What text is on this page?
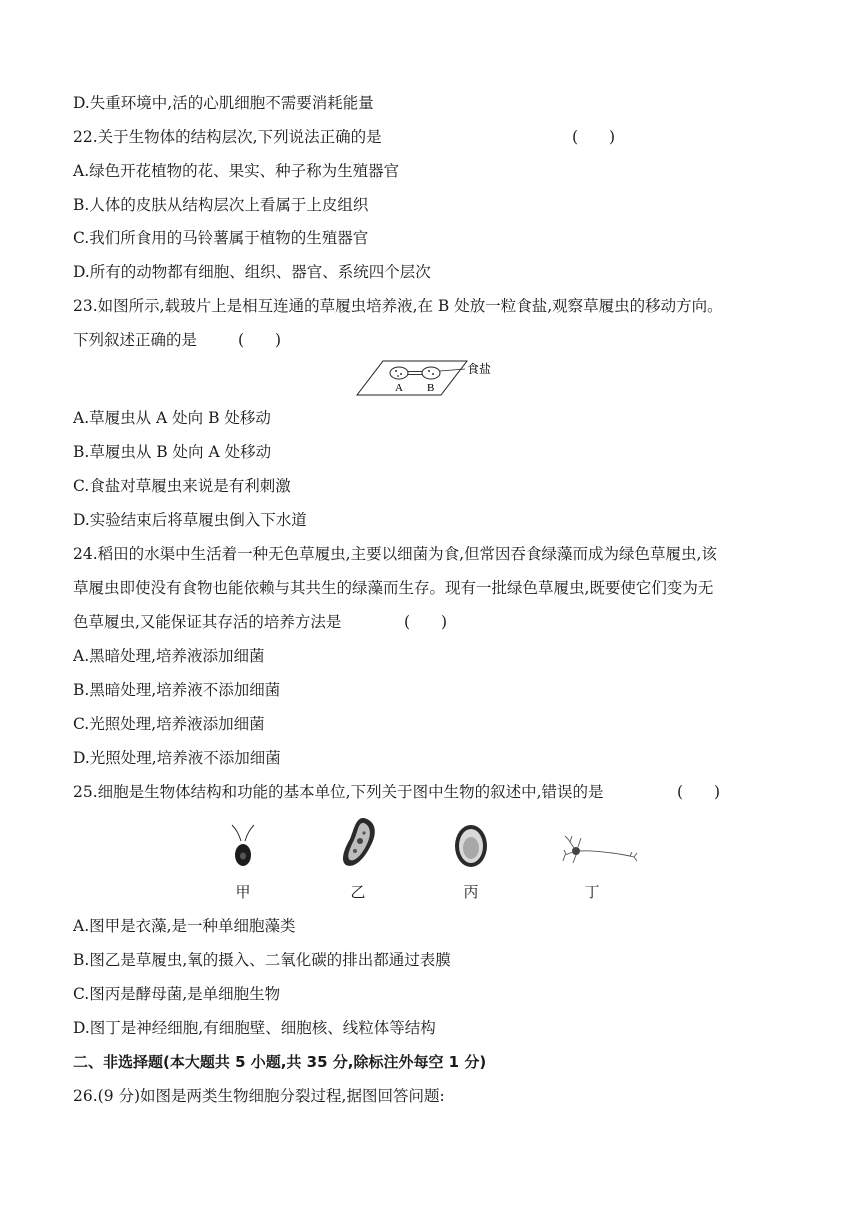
D.失重环境中,活的心肌细胞不需要消耗能量
22.关于生物体的结构层次,下列说法正确的是	(　　)
A.绿色开花植物的花、果实、种子称为生殖器官
B.人体的皮肤从结构层次上看属于上皮组织
C.我们所食用的马铃薯属于植物的生殖器官
D.所有的动物都有细胞、组织、器官、系统四个层次
23.如图所示,载玻片上是相互连通的草履虫培养液,在 B 处放一粒食盐,观察草履虫的移动方向。
下列叙述正确的是	(　　)
A B
食盐
A.草履虫从 A 处向 B 处移动
B.草履虫从 B 处向 A 处移动
C.食盐对草履虫来说是有利刺激
D.实验结束后将草履虫倒入下水道
24.稻田的水渠中生活着一种无色草履虫,主要以细菌为食,但常因吞食绿藻而成为绿色草履虫,该
草履虫即使没有食物也能依赖与其共生的绿藻而生存。现有一批绿色草履虫,既要使它们变为无
色草履虫,又能保证其存活的培养方法是	(　　)
A.黑暗处理,培养液添加细菌
B.黑暗处理,培养液不添加细菌
C.光照处理,培养液添加细菌
D.光照处理,培养液不添加细菌
25.细胞是生物体结构和功能的基本单位,下列关于图中生物的叙述中,错误的是	(　　)
甲	乙	丙	丁
A.图甲是衣藻,是一种单细胞藻类
B.图乙是草履虫,氧的摄入、二氧化碳的排出都通过表膜
C.图丙是酵母菌,是单细胞生物
D.图丁是神经细胞,有细胞壁、细胞核、线粒体等结构
二、非选择题(本大题共 5 小题,共 35 分,除标注外每空 1 分)
26.(9 分)如图是两类生物细胞分裂过程,据图回答问题:
